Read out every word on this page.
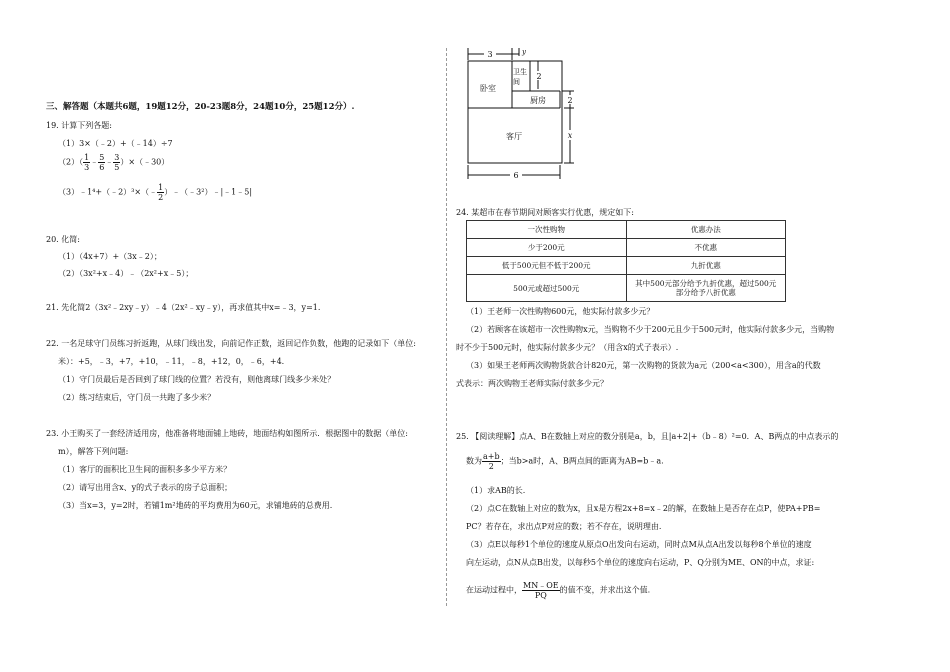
三、解答题（本题共6题，19题12分，20-23题8分，24题10分，25题12分）.
19. 计算下列各题:
（1）3×（﹣2）+（﹣14）÷7
$(2)( \frac{1}{3}$ ﹣ $\frac{5}{6}$ ﹣ $\frac{3}{5}$ ）×（﹣30）
（3）﹣1⁴+（﹣2）³×（﹣ $\frac{1}{2}$ ）﹣（﹣3²）﹣|﹣1﹣5|
20. 化简:
（1）（4x+7）+（3x﹣2）；
（2）（3x²+x﹣4）﹣（2x²+x﹣5）；
21. 先化简2（3x²﹣2xy﹣y）﹣4（2x²﹣xy﹣y），再求值其中x=﹣3，y=1.
22. 一名足球守门员练习折返跑，从球门线出发，向前记作正数，返回记作负数，他跑的记录如下（单位:
米）：+5，﹣3，+7，+10，﹣11，﹣8，+12，0，﹣6，+4.
（1）守门员最后是否回到了球门线的位置？若没有，则他离球门线多少米处？
（2）练习结束后，守门员一共跑了多少米？
23. 小王购买了一套经济适用房，他准备将地面铺上地砖，地面结构如图所示．根据图中的数据（单位:
m），解答下列问题:
（1）客厅的面积比卫生间的面积多多少平方米？
（2）请写出用含x、y的式子表示的房子总面积；
（3）当x=3，y=2时，若铺1m²地砖的平均费用为60元，求铺地砖的总费用.
3	y
卧室
卫生
间
2
厨房	2
客厅	x
6
24. 某超市在春节期间对顾客实行优惠，规定如下:
一次性购物	优惠办法
少于200元	不优惠
低于500元但不低于200元	九折优惠
500元或超过500元	其中500元部分给予九折优惠，超过500元部分给予八折优惠
（1）王老师一次性购物600元，他实际付款多少元？
（2）若顾客在该超市一次性购物x元，当购物不少于200元且少于500元时，他实际付款多少元，当购物
时不少于500元时，他实际付款多少元？（用含x的式子表示）.
（3）如果王老师两次购物货款合计820元，第一次购物的货款为a元（200<a<300），用含a的代数
式表示：两次购物王老师实际付款多少元？
25. 【阅读理解】点A、B在数轴上对应的数分别是a，b，且|a+2|+（b﹣8）²=0．A、B两点的中点表示的
数为 $\frac{a+b}{2}$ ；当b>a时，A、B两点间的距离为AB=b﹣a.
（1）求AB的长.
（2）点C在数轴上对应的数为x，且x是方程2x+8=x﹣2的解，在数轴上是否存在点P，使PA+PB=
PC？若存在，求出点P对应的数；若不存在，说明理由.
（3）点E以每秒1个单位的速度从原点O出发向右运动，同时点M从点A出发以每秒8个单位的速度
向左运动，点N从点B出发，以每秒5个单位的速度向右运动，P、Q分别为ME、ON的中点，求证:
在运动过程中， $\frac{MN﹣OE}{PQ}$ 的值不变，并求出这个值.
